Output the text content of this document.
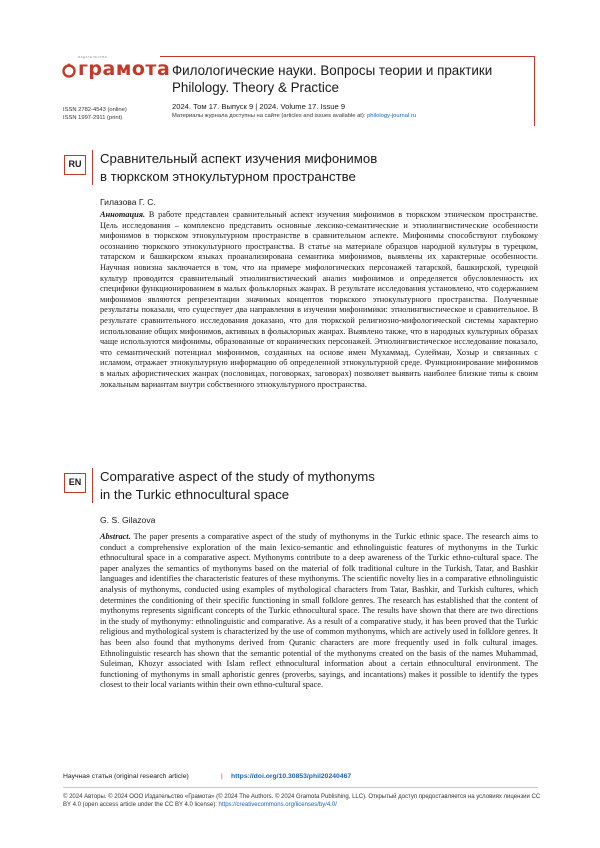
ИЗДАТЕЛЬСТВО
грамота
ISSN 2782-4543 (online)
ISSN 1997-2911 (print)
Филологические науки. Вопросы теории и практики
Philology. Theory & Practice
2024. Том 17. Выпуск 9 | 2024. Volume 17. Issue 9
Материалы журнала доступны на сайте (articles and issues available at): philology-journal.ru
RU	Сравнительный аспект изучения мифонимов
в тюркском этнокультурном пространстве
Гилазова Г. С.
Аннотация. В работе представлен сравнительный аспект изучения мифонимов в тюркском этническом пространстве. Цель исследования – комплексно представить основные лексико-семантические и этнолингвистические особенности мифонимов в тюркском этнокультурном пространстве в сравнительном аспекте. Мифонимы способствуют глубокому осознанию тюркского этнокультурного пространства. В статье на материале образцов народной культуры в турецком, татарском и башкирском языках проанализирована семантика мифонимов, выявлены их характерные особенности. Научная новизна заключается в том, что на примере мифологических персонажей татарской, башкирской, турецкой культур проводится сравнительный этнолингвистический анализ мифонимов и определяется обусловленность их специфики функционированием в малых фольклорных жанрах. В результате исследования установлено, что содержанием мифонимов являются репрезентации значимых концептов тюркского этнокультурного пространства. Полученные результаты показали, что существует два направления в изучении мифонимики: этнолингвистическое и сравнительное. В результате сравнительного исследования доказано, что для тюркской религиозно-мифологической системы характерно использование общих мифонимов, активных в фольклорных жанрах. Выявлено также, что в народных культурных образах чаще используются мифонимы, образованные от коранических персонажей. Этнолингвистическое исследование показало, что семантический потенциал мифонимов, созданных на основе имен Мухаммад, Сулейман, Хозыр и связанных с исламом, отражает этнокультурную информацию об определенной этнокультурной среде. Функционирование мифонимов в малых афористических жанрах (пословицах, поговорках, заговорах) позволяет выявить наиболее близкие типы к своим локальным вариантам внутри собственного этнокультурного пространства.
EN	Comparative aspect of the study of mythonyms
in the Turkic ethnocultural space
G. S. Gilazova
Abstract. The paper presents a comparative aspect of the study of mythonyms in the Turkic ethnic space. The research aims to conduct a comprehensive exploration of the main lexico-semantic and ethnolinguistic features of mythonyms in the Turkic ethnocultural space in a comparative aspect. Mythonyms contribute to a deep awareness of the Turkic ethno-cultural space. The paper analyzes the semantics of mythonyms based on the material of folk traditional culture in the Turkish, Tatar, and Bashkir languages and identifies the characteristic features of these mythonyms. The scientific novelty lies in a comparative ethnolinguistic analysis of mythonyms, conducted using examples of mythological characters from Tatar, Bashkir, and Turkish cultures, which determines the conditioning of their specific functioning in small folklore genres. The research has established that the content of mythonyms represents significant concepts of the Turkic ethnocultural space. The results have shown that there are two directions in the study of mythonymy: ethnolinguistic and comparative. As a result of a comparative study, it has been proved that the Turkic religious and mythological system is characterized by the use of common mythonyms, which are actively used in folklore genres. It has been also found that mythonyms derived from Quranic characters are more frequently used in folk cultural images. Ethnolinguistic research has shown that the semantic potential of the mythonyms created on the basis of the names Muhammad, Suleiman, Khozyr associated with Islam reflect ethnocultural information about a certain ethnocultural environment. The functioning of mythonyms in small aphoristic genres (proverbs, sayings, and incantations) makes it possible to identify the types closest to their local variants within their own ethno-cultural space.
Научная статья (original research article)	| https://doi.org/10.30853/phil20240467
© 2024 Авторы. © 2024 ООО Издательство «Грамота» (© 2024 The Authors. © 2024 Gramota Publishing, LLC). Открытый доступ предоставляется на условиях лицензии CC BY 4.0 (open access article under the CC BY 4.0 license): https://creativecommons.org/licenses/by/4.0/
